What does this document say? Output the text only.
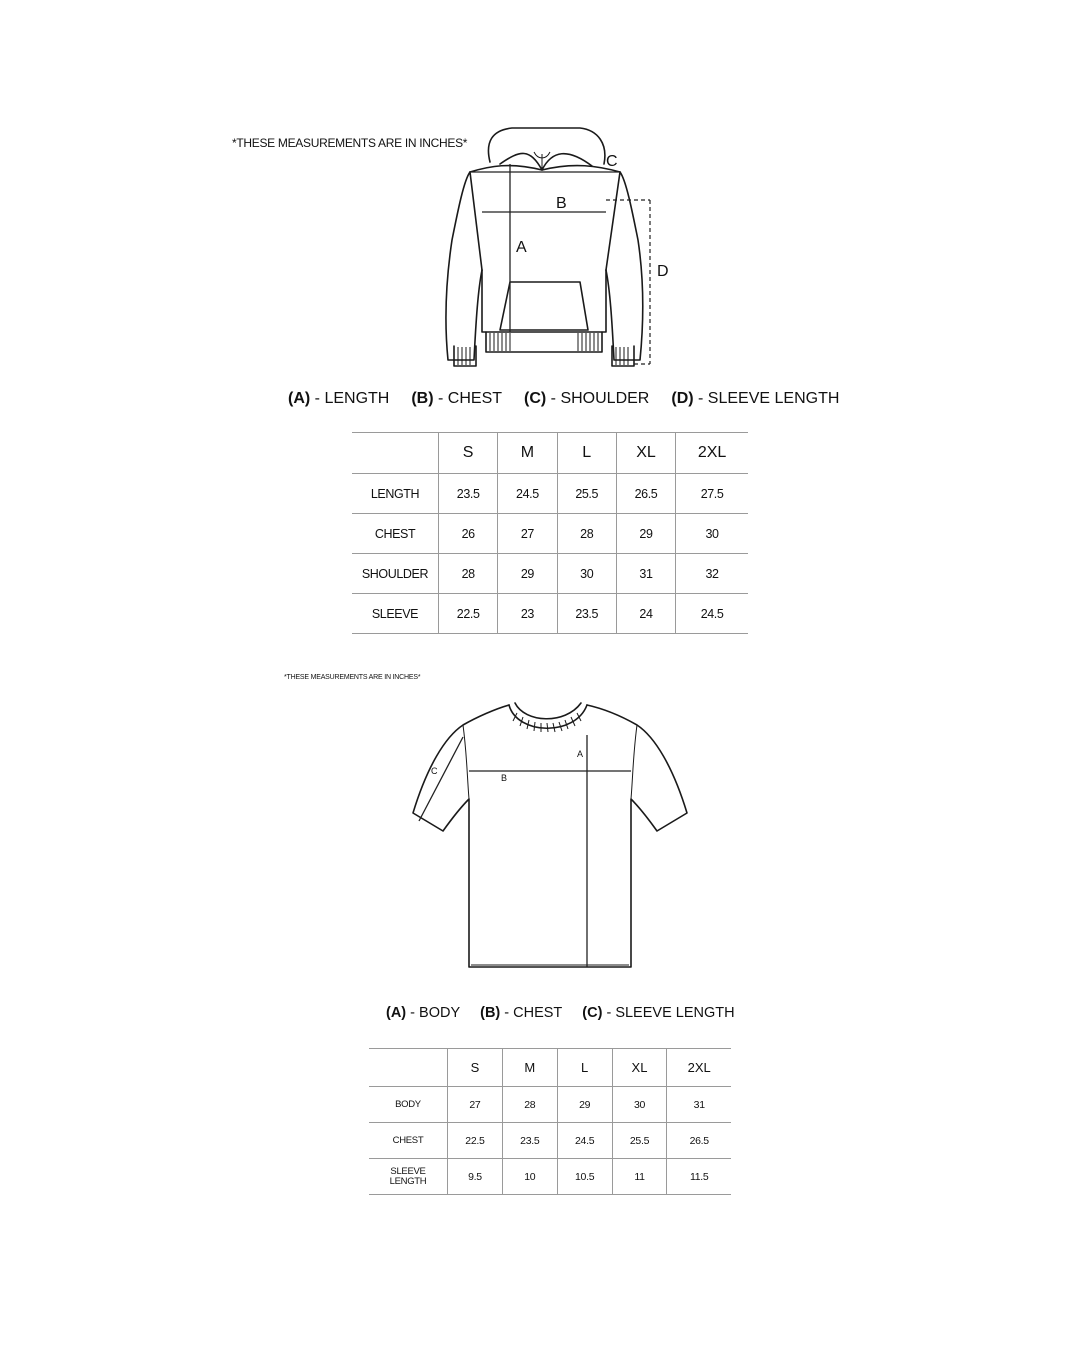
*THESE MEASUREMENTS ARE IN INCHES*
A
B
C
D
(A) - LENGTH (B) - CHEST (C) - SHOULDER (D) - SLEEVE LENGTH
	S	M	L	XL	2XL
LENGTH	23.5	24.5	25.5	26.5	27.5
CHEST	26	27	28	29	30
SHOULDER	28	29	30	31	32
SLEEVE	22.5	23	23.5	24	24.5
*THESE MEASUREMENTS ARE IN INCHES*
A
B
C
(A) - BODY (B) - CHEST (C) - SLEEVE LENGTH
	S	M	L	XL	2XL
BODY	27	28	29	30	31
CHEST	22.5	23.5	24.5	25.5	26.5
SLEEVE
LENGTH	9.5	10	10.5	11	11.5
